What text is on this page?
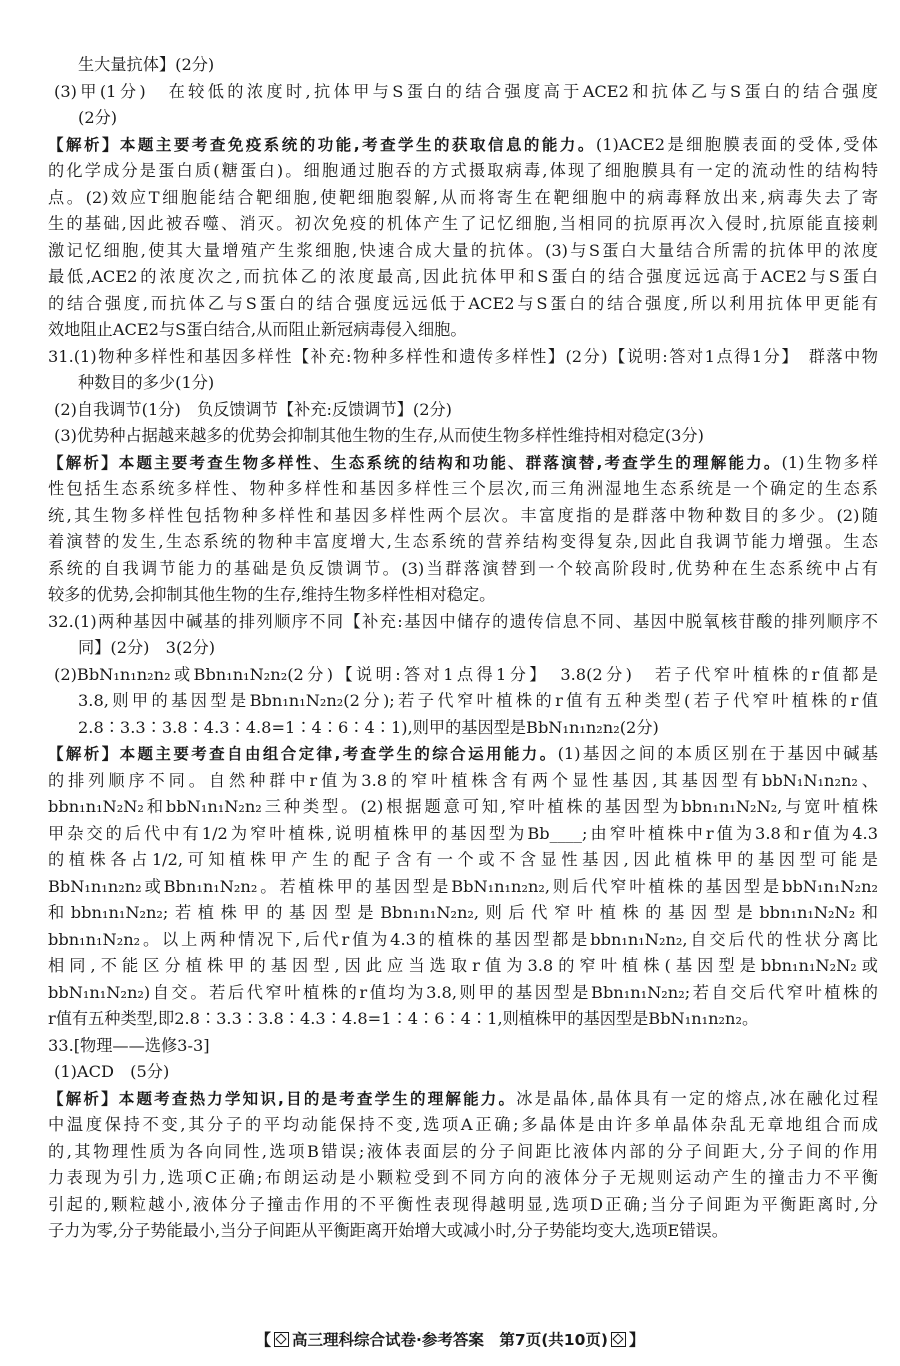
生大量抗体】(2分)
(3)甲(1分)　在较低的浓度时,抗体甲与S蛋白的结合强度高于ACE2和抗体乙与S蛋白的结合强度
(2分)
【解析】本题主要考查免疫系统的功能,考查学生的获取信息的能力。(1)ACE2是细胞膜表面的受体,受体
的化学成分是蛋白质(糖蛋白)。细胞通过胞吞的方式摄取病毒,体现了细胞膜具有一定的流动性的结构特
点。(2)效应T细胞能结合靶细胞,使靶细胞裂解,从而将寄生在靶细胞中的病毒释放出来,病毒失去了寄
生的基础,因此被吞噬、消灭。初次免疫的机体产生了记忆细胞,当相同的抗原再次入侵时,抗原能直接刺
激记忆细胞,使其大量增殖产生浆细胞,快速合成大量的抗体。(3)与S蛋白大量结合所需的抗体甲的浓度
最低,ACE2的浓度次之,而抗体乙的浓度最高,因此抗体甲和S蛋白的结合强度远远高于ACE2与S蛋白
的结合强度,而抗体乙与S蛋白的结合强度远远低于ACE2与S蛋白的结合强度,所以利用抗体甲更能有
效地阻止ACE2与S蛋白结合,从而阻止新冠病毒侵入细胞。
31.(1)物种多样性和基因多样性【补充:物种多样性和遗传多样性】(2分)【说明:答对1点得1分】　群落中物
种数目的多少(1分)
(2)自我调节(1分)　负反馈调节【补充:反馈调节】(2分)
(3)优势种占据越来越多的优势会抑制其他生物的生存,从而使生物多样性维持相对稳定(3分)
【解析】本题主要考查生物多样性、生态系统的结构和功能、群落演替,考查学生的理解能力。(1)生物多样
性包括生态系统多样性、物种多样性和基因多样性三个层次,而三角洲湿地生态系统是一个确定的生态系
统,其生物多样性包括物种多样性和基因多样性两个层次。丰富度指的是群落中物种数目的多少。(2)随
着演替的发生,生态系统的物种丰富度增大,生态系统的营养结构变得复杂,因此自我调节能力增强。生态
系统的自我调节能力的基础是负反馈调节。(3)当群落演替到一个较高阶段时,优势种在生态系统中占有
较多的优势,会抑制其他生物的生存,维持生物多样性相对稳定。
32.(1)两种基因中碱基的排列顺序不同【补充:基因中储存的遗传信息不同、基因中脱氧核苷酸的排列顺序不
同】(2分)　3(2分)
(2)BbN₁n₁n₂n₂或Bbn₁n₁N₂n₂(2分)【说明:答对1点得1分】　3.8(2分)　若子代窄叶植株的r值都是
3.8,则甲的基因型是Bbn₁n₁N₂n₂(2分);若子代窄叶植株的r值有五种类型(若子代窄叶植株的r值
2.8∶3.3∶3.8∶4.3∶4.8=1∶4∶6∶4∶1),则甲的基因型是BbN₁n₁n₂n₂(2分)
【解析】本题主要考查自由组合定律,考查学生的综合运用能力。(1)基因之间的本质区别在于基因中碱基
的排列顺序不同。自然种群中r值为3.8的窄叶植株含有两个显性基因,其基因型有bbN₁N₁n₂n₂、
bbn₁n₁N₂N₂和bbN₁n₁N₂n₂三种类型。(2)根据题意可知,窄叶植株的基因型为bbn₁n₁N₂N₂,与宽叶植株
甲杂交的后代中有1/2为窄叶植株,说明植株甲的基因型为Bb____;由窄叶植株中r值为3.8和r值为4.3
的植株各占1/2,可知植株甲产生的配子含有一个或不含显性基因,因此植株甲的基因型可能是
BbN₁n₁n₂n₂或Bbn₁n₁N₂n₂。若植株甲的基因型是BbN₁n₁n₂n₂,则后代窄叶植株的基因型是bbN₁n₁N₂n₂
和bbn₁n₁N₂n₂;若植株甲的基因型是Bbn₁n₁N₂n₂,则后代窄叶植株的基因型是bbn₁n₁N₂N₂和
bbn₁n₁N₂n₂。以上两种情况下,后代r值为4.3的植株的基因型都是bbn₁n₁N₂n₂,自交后代的性状分离比
相同,不能区分植株甲的基因型,因此应当选取r值为3.8的窄叶植株(基因型是bbn₁n₁N₂N₂或
bbN₁n₁N₂n₂)自交。若后代窄叶植株的r值均为3.8,则甲的基因型是Bbn₁n₁N₂n₂;若自交后代窄叶植株的
r值有五种类型,即2.8∶3.3∶3.8∶4.3∶4.8=1∶4∶6∶4∶1,则植株甲的基因型是BbN₁n₁n₂n₂。
33.[物理——选修3-3]
(1)ACD　(5分)
【解析】本题考查热力学知识,目的是考查学生的理解能力。冰是晶体,晶体具有一定的熔点,冰在融化过程
中温度保持不变,其分子的平均动能保持不变,选项A正确;多晶体是由许多单晶体杂乱无章地组合而成
的,其物理性质为各向同性,选项B错误;液体表面层的分子间距比液体内部的分子间距大,分子间的作用
力表现为引力,选项C正确;布朗运动是小颗粒受到不同方向的液体分子无规则运动产生的撞击力不平衡
引起的,颗粒越小,液体分子撞击作用的不平衡性表现得越明显,选项D正确;当分子间距为平衡距离时,分
子力为零,分子势能最小,当分子间距从平衡距离开始增大或减小时,分子势能均变大,选项E错误。
【 高三理科综合试卷·参考答案　第7页(共10页) 】
